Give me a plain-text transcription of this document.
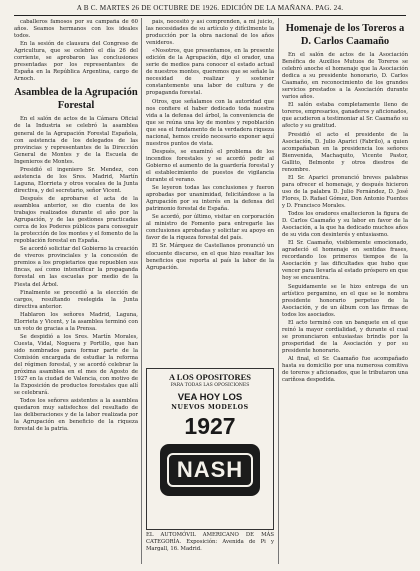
A B C. MARTES 26 DE OCTUBRE DE 1926. EDICIÓN DE LA MAÑANA. PAG. 24.

caballeros famosos por su campaña de 60 años. Seamos hermanos con los ideales todos.

En la sesión de clausura del Congreso de Agricultura, que se celebró el día 26 del corriente, se aprobaron las conclusiones presentadas por los representantes de España en la República Argentina, cargo de Arnoch.

Asamblea de la Agrupación Forestal

En el salón de actos de la Cámara Oficial de la Industria se celebró la asamblea general de la Agrupación Forestal Española, con asistencia de los delegados de las provincias y representantes de la Dirección General de Montes y de la Escuela de Ingenieros de Montes.

Presidió el ingeniero Sr. Mendez, con asistencia de los Sres. Madrid, Martín Laguna, Elorrieta y otros vocales de la Junta directiva, y del secretario, señor Vicent.

Después de aprobarse el acta de la asamblea anterior, se dio cuenta de los trabajos realizados durante el año por la Agrupación, y de las gestiones practicadas cerca de los Poderes públicos para conseguir la protección de los montes y el fomento de la repoblación forestal en España.

Se acordó solicitar del Gobierno la creación de viveros provinciales y la concesión de premios a los propietarios que repueblen sus fincas, así como intensificar la propaganda forestal en las escuelas por medio de la Fiesta del Árbol.

Finalmente se procedió a la elección de cargos, resultando reelegida la Junta directiva anterior.

Hablaron los señores Madrid, Laguna, Elorrieta y Vicent, y la asamblea terminó con un voto de gracias a la Prensa.

Se despidió a los Sres. Martín Morales, Cuesta, Vidal, Noguera y Portillo, que han sido nombrados para formar parte de la Comisión encargada de estudiar la reforma del régimen forestal, y se acordó celebrar la próxima asamblea en el mes de Agosto de 1927 en la ciudad de Valencia, con motivo de la Exposición de productos forestales que allí se celebrará.

Todos los señores asistentes a la asamblea quedaron muy satisfechos del resultado de las deliberaciones y de la labor realizada por la Agrupación en beneficio de la riqueza forestal de la patria.

país, necesitó y así comprenden, a mi juicio, las necesidades de su artículo y difícilmente la producción por la obra nacional de los años venideros.

«Nosotros, que presentamos, en la presente edición de la Agrupación, dijo el orador, una serie de medios para conocer el estado actual de nuestros montes, queremos que se señale la necesidad de realizar y sostener constantemente una labor de cultura y de propaganda forestal.

Otros, que señalamos con la autoridad que nos confiere el haber dedicado toda nuestra vida a la defensa del árbol, la conveniencia de que se reúna una ley de montes y repoblación que sea el fundamento de la verdadera riqueza nacional, hemos creído necesario exponer aquí nuestros puntos de vista.

Después, se examinó el problema de los incendios forestales y se acordó pedir al Gobierno el aumento de la guardería forestal y el establecimiento de puestos de vigilancia durante el verano.

Se leyeron todas las conclusiones y fueron aprobadas por unanimidad, felicitándose a la Agrupación por su interés en la defensa del patrimonio forestal de España.

Se acordó, por último, visitar en corporación al ministro de Fomento para entregarle las conclusiones aprobadas y solicitar su apoyo en favor de la riqueza forestal del país.

El Sr. Márquez de Castellanos pronunció un elocuente discurso, en el que hizo resaltar los beneficios que reporta al país la labor de la Agrupación.

A LOS OPOSITORES
PARA TODAS LAS OPOSICIONES
VEA HOY LOS
NUEVOS MODELOS
1927
NASH
EL AUTOMÓVIL AMERICANO DE MÁS CATEGORÍA. Exposición: Avenida de Pi y Margall, 16. Madrid.
Homenaje de los Toreros a D. Carlos Caamaño

En el salón de actos de la Asociación Benéfica de Auxilios Mutuos de Toreros se celebró anoche el homenaje que la Asociación dedica a su presidente honorario, D. Carlos Caamaño, en reconocimiento de los grandes servicios prestados a la Asociación durante varios años.

El salón estaba completamente lleno de toreros, empresarios, ganaderos y aficionados, que acudieron a testimoniar al Sr. Caamaño su afecto y su gratitud.

Presidió el acto el presidente de la Asociación, D. Julio Aparici (Fabrilo), a quien acompañaban en la presidencia los señores Bienvenida, Machaquito, Vicente Pastor, Gallito, Belmonte y otros diestros de renombre.

El Sr. Aparici pronunció breves palabras para ofrecer el homenaje, y después hicieron uso de la palabra D. Julio Fernández, D. José Flores, D. Rafael Gómez, Don Antonio Fuentes y D. Francisco Morales.

Todos los oradores enaltecieron la figura de D. Carlos Caamaño y su labor en favor de la Asociación, a la que ha dedicado muchos años de su vida con desinterés y entusiasmo.

El Sr. Caamaño, visiblemente emocionado, agradeció el homenaje en sentidas frases, recordando los primeros tiempos de la Asociación y las dificultades que hubo que vencer para llevarla al estado próspero en que hoy se encuentra.

Seguidamente se le hizo entrega de un artístico pergamino, en el que se le nombra presidente honorario perpetuo de la Asociación, y de un álbum con las firmas de todos los asociados.

El acto terminó con un banquete en el que reinó la mayor cordialidad, y durante el cual se pronunciaron entusiastas brindis por la prosperidad de la Asociación y por su presidente honorario.

Al final, el Sr. Caamaño fue acompañado hasta su domicilio por una numerosa comitiva de toreros y aficionados, que le tributaron una cariñosa despedida.
